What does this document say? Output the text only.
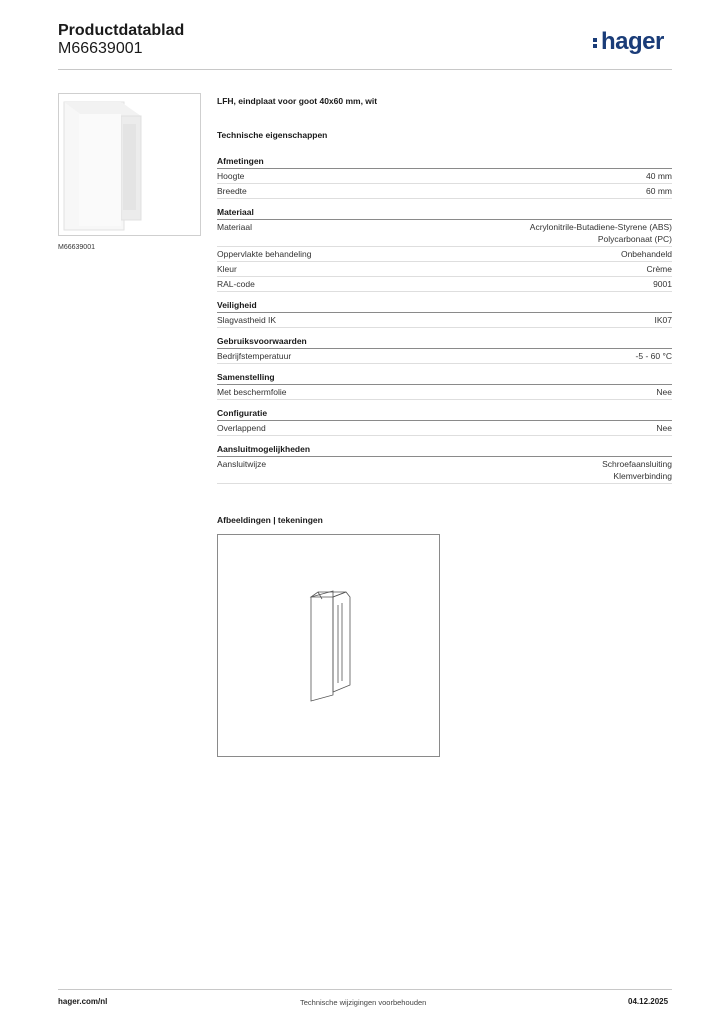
Productdatablad
M66639001	hager
M66639001
LFH, eindplaat voor goot 40x60 mm, wit
Technische eigenschappen
Afmetingen
Hoogte	40 mm
Breedte	60 mm
Materiaal
Materiaal	Acrylonitrile-Butadiene-Styrene (ABS)
Polycarbonaat (PC)
Oppervlakte behandeling	Onbehandeld
Kleur	Crème
RAL-code	9001
Veiligheid
Slagvastheid IK	IK07
Gebruiksvoorwaarden
Bedrijfstemperatuur	-5 - 60 °C
Samenstelling
Met beschermfolie	Nee
Configuratie
Overlappend	Nee
Aansluitmogelijkheden
Aansluitwijze	Schroefaansluiting
Klemverbinding
Afbeeldingen | tekeningen
hager.com/nl	Technische wijzigingen voorbehouden	04.12.2025
